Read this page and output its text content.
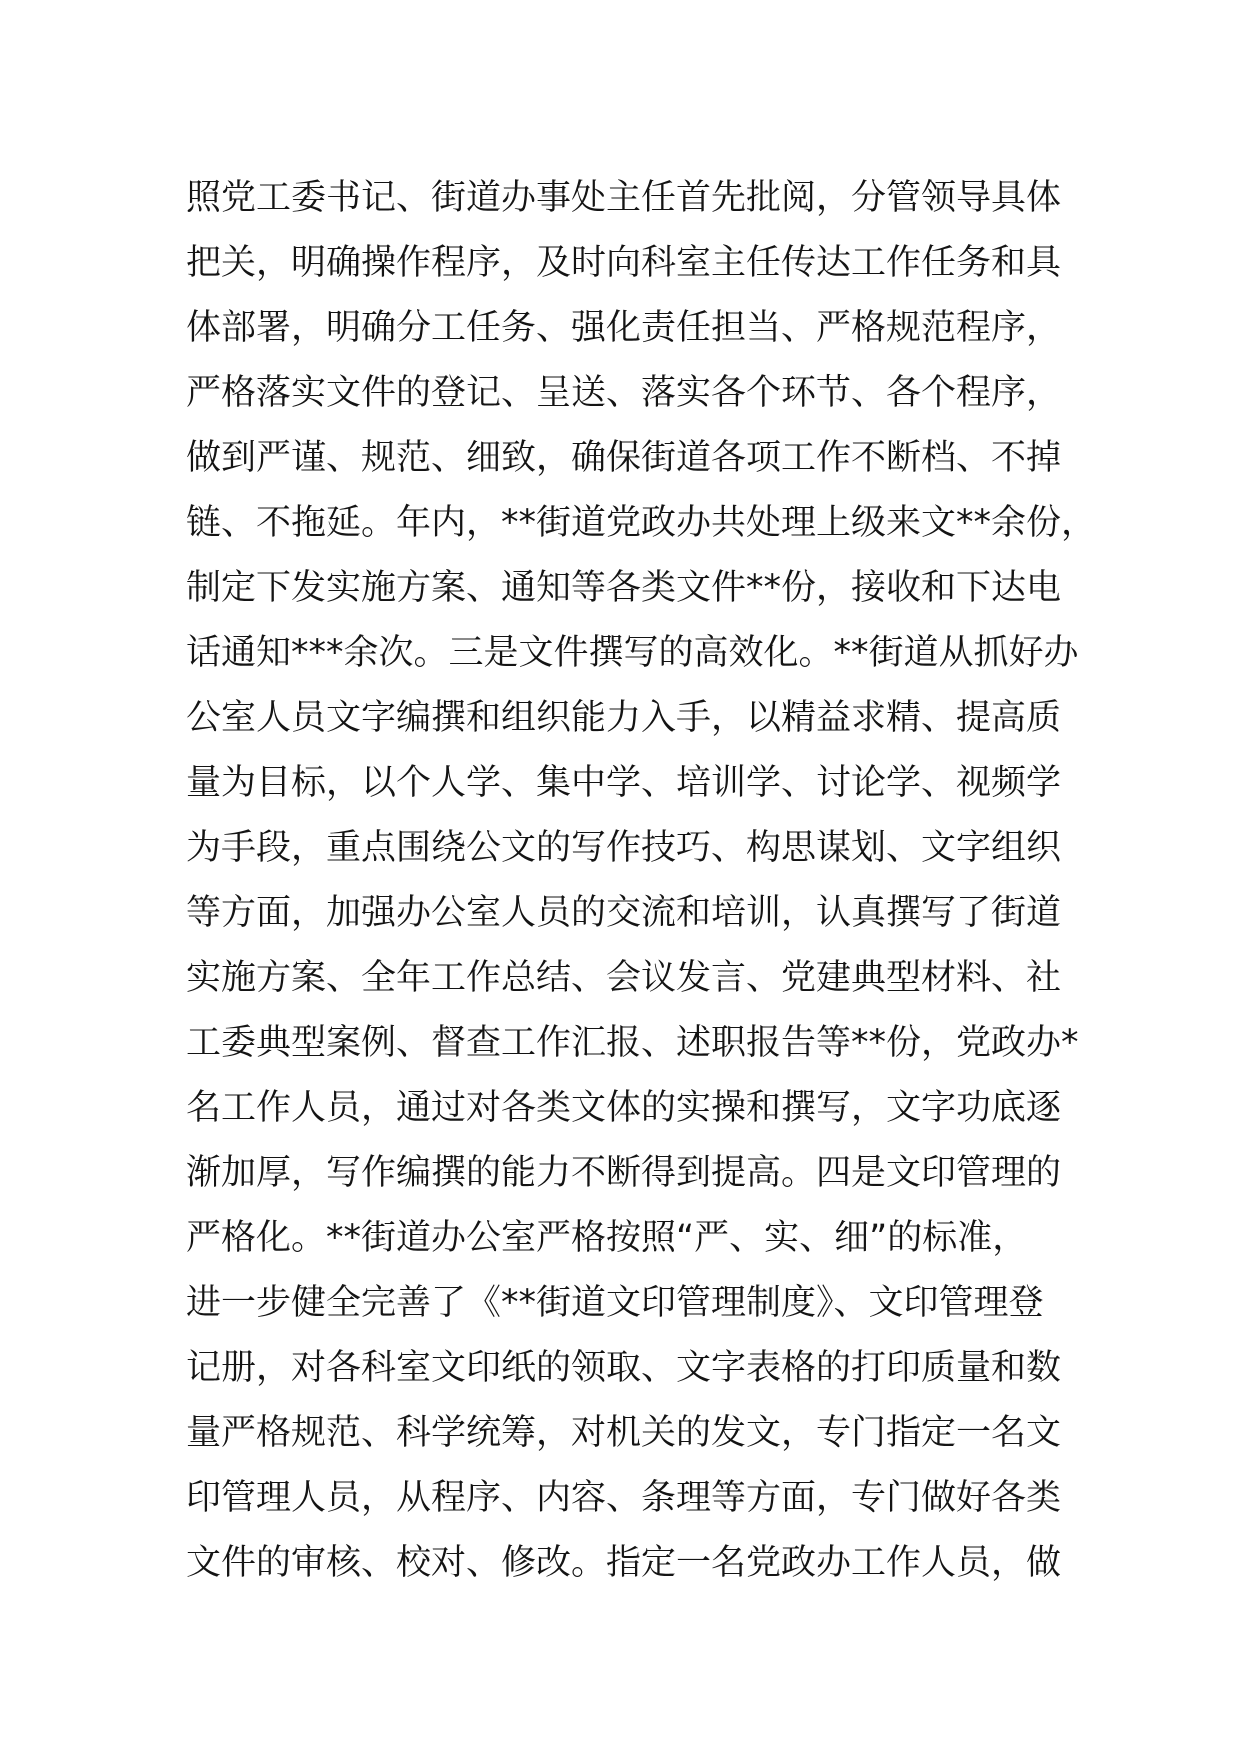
照党工委书记、街道办事处主任首先批阅，分管领导具体
把关，明确操作程序，及时向科室主任传达工作任务和具
体部署，明确分工任务、强化责任担当、严格规范程序，
严格落实文件的登记、呈送、落实各个环节、各个程序，
做到严谨、规范、细致，确保街道各项工作不断档、不掉
链、不拖延。年内，**街道党政办共处理上级来文**余份，
制定下发实施方案、通知等各类文件**份，接收和下达电
话通知***余次。三是文件撰写的高效化。**街道从抓好办
公室人员文字编撰和组织能力入手，以精益求精、提高质
量为目标，以个人学、集中学、培训学、讨论学、视频学
为手段，重点围绕公文的写作技巧、构思谋划、文字组织
等方面，加强办公室人员的交流和培训，认真撰写了街道
实施方案、全年工作总结、会议发言、党建典型材料、社
工委典型案例、督查工作汇报、述职报告等**份，党政办*
名工作人员，通过对各类文体的实操和撰写，文字功底逐
渐加厚，写作编撰的能力不断得到提高。四是文印管理的
严格化。**街道办公室严格按照“严、实、细”的标准，
进一步健全完善了《**街道文印管理制度》、文印管理登
记册，对各科室文印纸的领取、文字表格的打印质量和数
量严格规范、科学统筹，对机关的发文，专门指定一名文
印管理人员，从程序、内容、条理等方面，专门做好各类
文件的审核、校对、修改。指定一名党政办工作人员，做
